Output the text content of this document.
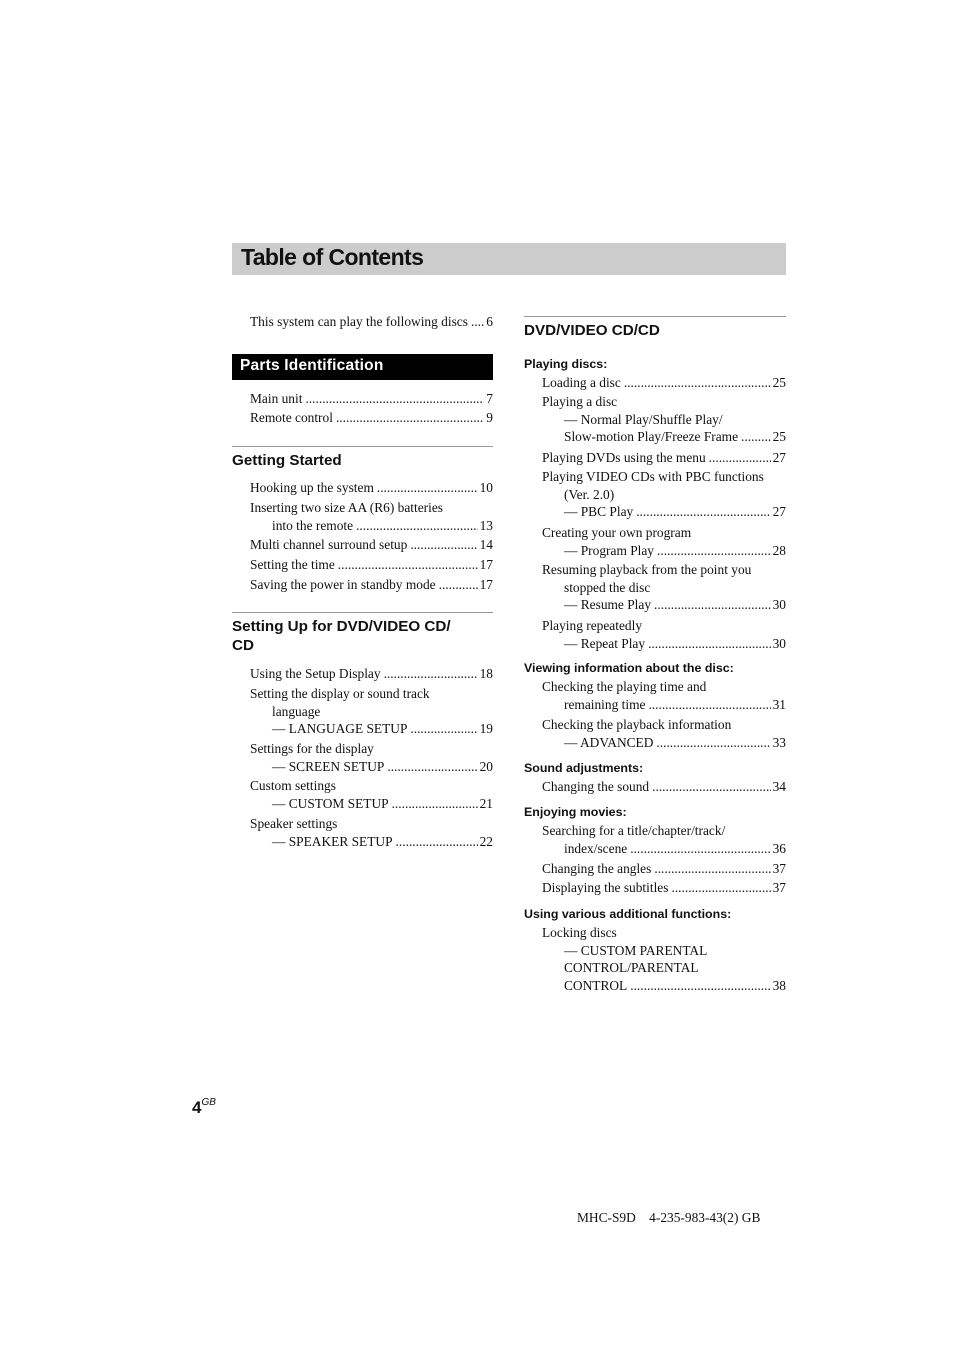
Table of Contents
This system can play the following discs ..... 6
Parts Identification
Main unit .....	7
Remote control .....	9
Getting Started
Hooking up the system .....	10
Inserting two size AA (R6) batteries
into the remote .....	13
Multi channel surround setup .....	14
Setting the time .....	17
Saving the power in standby mode .....	17
Setting Up for DVD/VIDEO CD/
CD
Using the Setup Display .....	18
Setting the display or sound track
language
— LANGUAGE SETUP .....	19
Settings for the display
— SCREEN SETUP .....	20
Custom settings
— CUSTOM SETUP .....	21
Speaker settings
— SPEAKER SETUP .....	22
DVD/VIDEO CD/CD
Playing discs:
Loading a disc .....	25
Playing a disc
— Normal Play/Shuffle Play/
Slow-motion Play/Freeze Frame .....	25
Playing DVDs using the menu .....	27
Playing VIDEO CDs with PBC functions
(Ver. 2.0)
— PBC Play .....	27
Creating your own program
— Program Play .....	28
Resuming playback from the point you
stopped the disc
— Resume Play .....	30
Playing repeatedly
— Repeat Play .....	30
Viewing information about the disc:
Checking the playing time and
remaining time .....	31
Checking the playback information
— ADVANCED .....	33
Sound adjustments:
Changing the sound .....	34
Enjoying movies:
Searching for a title/chapter/track/
index/scene .....	36
Changing the angles .....	37
Displaying the subtitles .....	37
Using various additional functions:
Locking discs
— CUSTOM PARENTAL
CONTROL/PARENTAL
CONTROL .....	38
$4^{GB}$
MHC-S9D    4-235-983-43(2) GB
